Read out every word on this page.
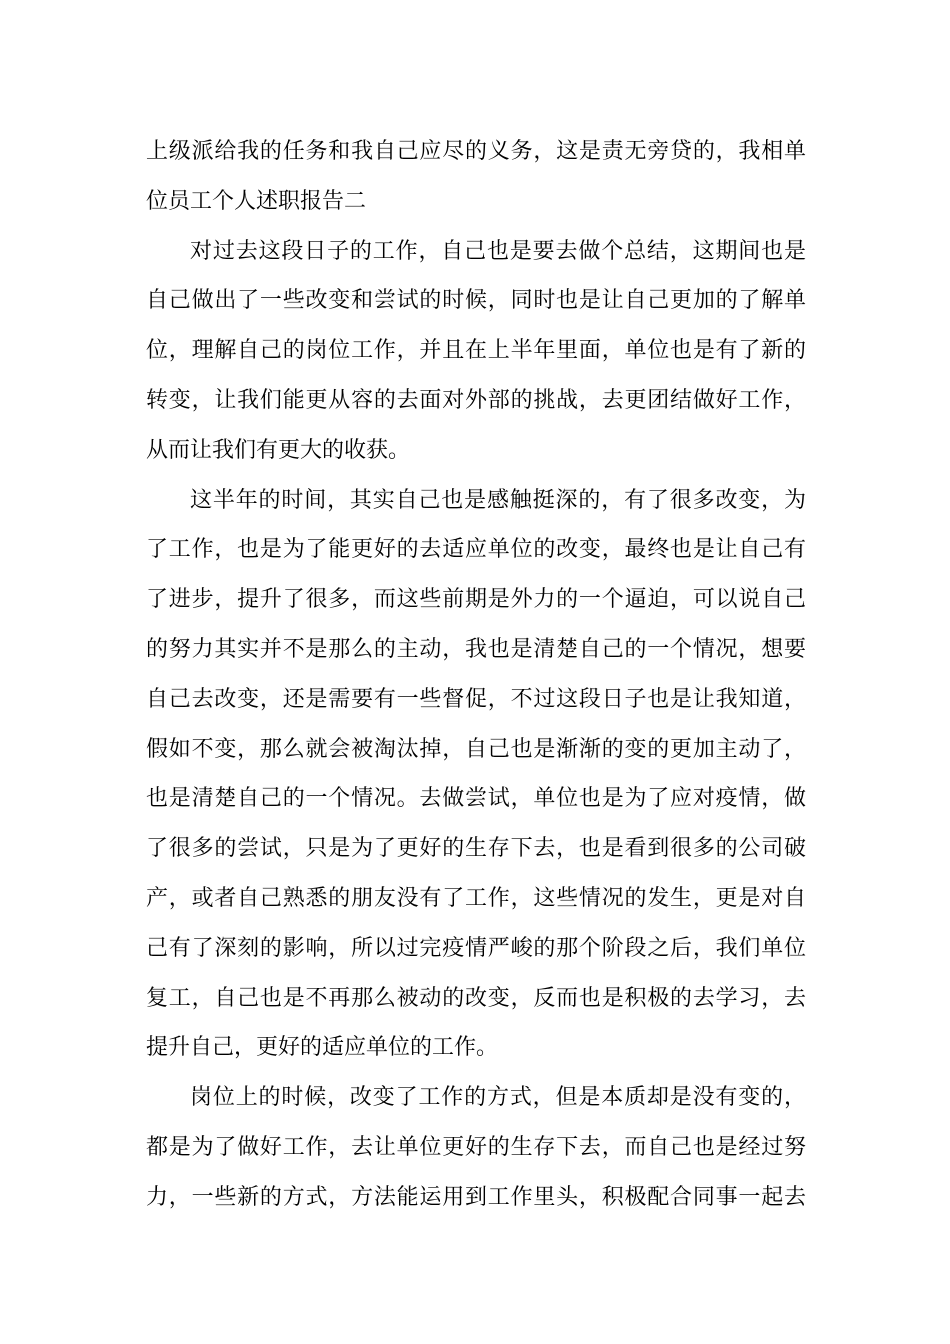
上级派给我的任务和我自己应尽的义务，这是责无旁贷的，我相单
位员工个人述职报告二
对过去这段日子的工作，自己也是要去做个总结，这期间也是
自己做出了一些改变和尝试的时候，同时也是让自己更加的了解单
位，理解自己的岗位工作，并且在上半年里面，单位也是有了新的
转变，让我们能更从容的去面对外部的挑战，去更团结做好工作，
从而让我们有更大的收获。
这半年的时间，其实自己也是感触挺深的，有了很多改变，为
了工作，也是为了能更好的去适应单位的改变，最终也是让自己有
了进步，提升了很多，而这些前期是外力的一个逼迫，可以说自己
的努力其实并不是那么的主动，我也是清楚自己的一个情况，想要
自己去改变，还是需要有一些督促，不过这段日子也是让我知道，
假如不变，那么就会被淘汰掉，自己也是渐渐的变的更加主动了，
也是清楚自己的一个情况。去做尝试，单位也是为了应对疫情，做
了很多的尝试，只是为了更好的生存下去，也是看到很多的公司破
产，或者自己熟悉的朋友没有了工作，这些情况的发生，更是对自
己有了深刻的影响，所以过完疫情严峻的那个阶段之后，我们单位
复工，自己也是不再那么被动的改变，反而也是积极的去学习，去
提升自己，更好的适应单位的工作。
岗位上的时候，改变了工作的方式，但是本质却是没有变的，
都是为了做好工作，去让单位更好的生存下去，而自己也是经过努
力，一些新的方式，方法能运用到工作里头，积极配合同事一起去
